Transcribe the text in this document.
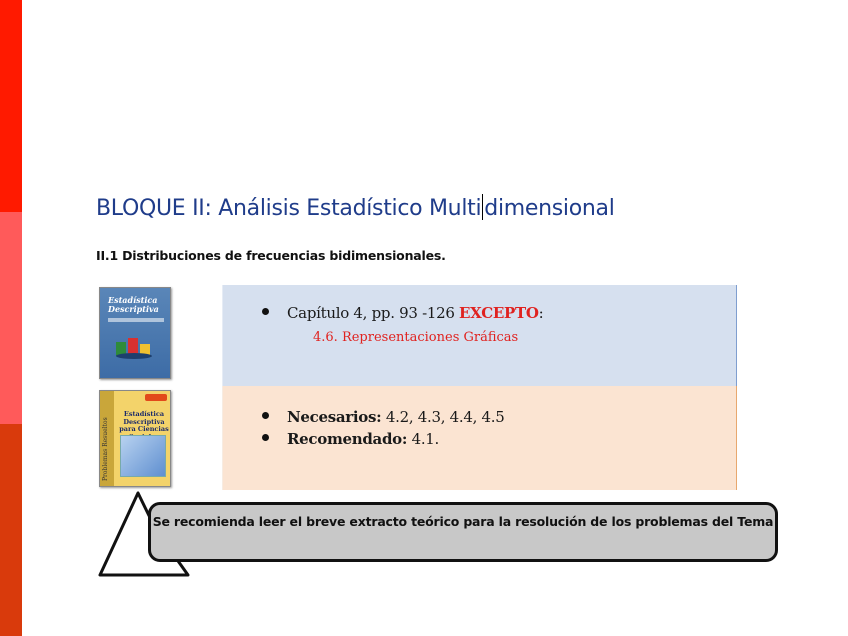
BLOQUE II: Análisis Estadístico Multi dimensional
II.1 Distribuciones de frecuencias bidimensionales.
Estadística Descriptiva
Problemas Resueltos
Estadística Descriptiva para Ciencias
Capítulo 4, pp. 93 -126 EXCEPTO:
4.6. Representaciones Gráficas
Necesarios: 4.2, 4.3, 4.4, 4.5
Recomendado: 4.1.
Se recomienda leer el breve extracto teórico para la resolución de los problemas del Tema
